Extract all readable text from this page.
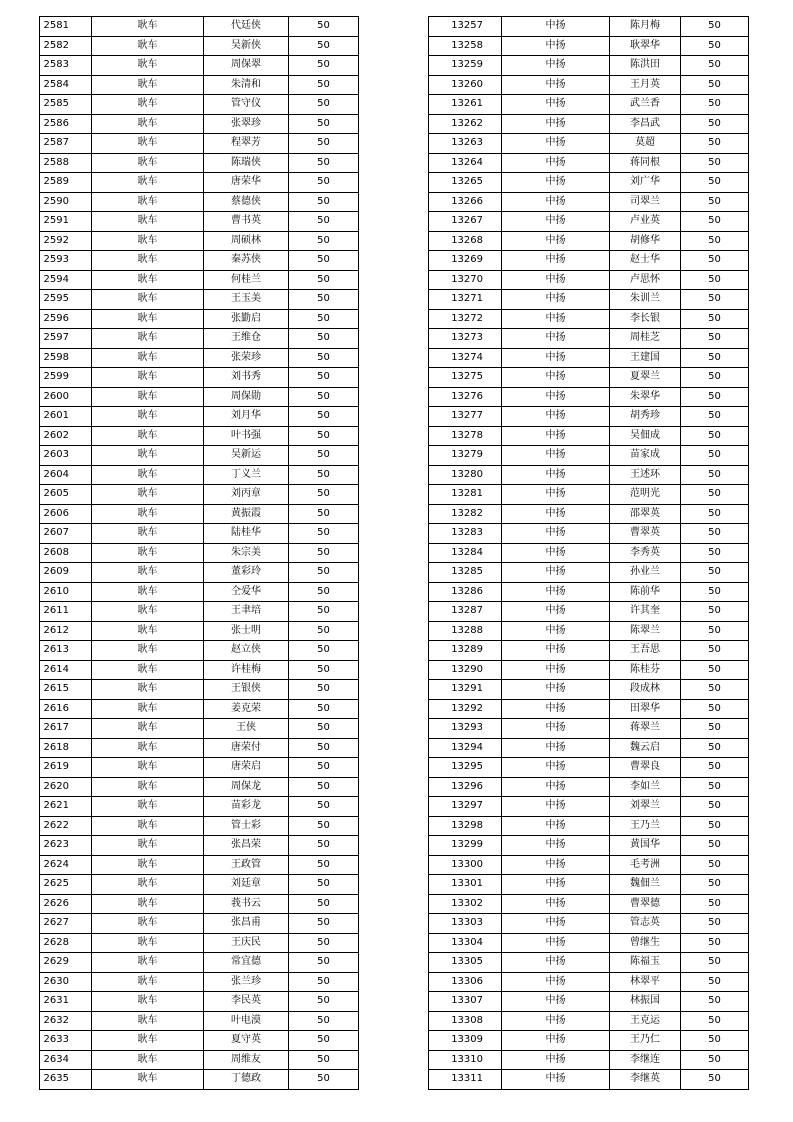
2581	耿车	代廷侠	50
2582	耿车	吴新侠	50
2583	耿车	周保翠	50
2584	耿车	朱清和	50
2585	耿车	管守仪	50
2586	耿车	张翠珍	50
2587	耿车	程翠芳	50
2588	耿车	陈瑞侠	50
2589	耿车	唐荣华	50
2590	耿车	蔡德侠	50
2591	耿车	曹书英	50
2592	耿车	周硕林	50
2593	耿车	秦苏侠	50
2594	耿车	何桂兰	50
2595	耿车	王玉美	50
2596	耿车	张勤启	50
2597	耿车	王维仓	50
2598	耿车	张荣珍	50
2599	耿车	刘书秀	50
2600	耿车	周保勋	50
2601	耿车	刘月华	50
2602	耿车	叶书强	50
2603	耿车	吴新运	50
2604	耿车	丁义兰	50
2605	耿车	刘丙章	50
2606	耿车	黄振霞	50
2607	耿车	陆桂华	50
2608	耿车	朱宗美	50
2609	耿车	董彩玲	50
2610	耿车	仝爱华	50
2611	耿车	王聿培	50
2612	耿车	张士明	50
2613	耿车	赵立侠	50
2614	耿车	许桂梅	50
2615	耿车	王银侠	50
2616	耿车	姜克荣	50
2617	耿车	王侠	50
2618	耿车	唐荣付	50
2619	耿车	唐荣启	50
2620	耿车	周保龙	50
2621	耿车	苗彩龙	50
2622	耿车	管士彩	50
2623	耿车	张昌荣	50
2624	耿车	王政管	50
2625	耿车	刘廷章	50
2626	耿车	莪书云	50
2627	耿车	张昌甫	50
2628	耿车	王庆民	50
2629	耿车	常宜德	50
2630	耿车	张兰珍	50
2631	耿车	李民英	50
2632	耿车	叶电漠	50
2633	耿车	夏守英	50
2634	耿车	周维友	50
2635	耿车	丁德政	50
13257	中扬	陈月梅	50
13258	中扬	耿翠华	50
13259	中扬	陈洪田	50
13260	中扬	王月英	50
13261	中扬	武兰香	50
13262	中扬	李昌武	50
13263	中扬	莫超	50
13264	中扬	蒋同根	50
13265	中扬	刘广华	50
13266	中扬	司翠兰	50
13267	中扬	卢业英	50
13268	中扬	胡修华	50
13269	中扬	赵士华	50
13270	中扬	卢思怀	50
13271	中扬	朱训兰	50
13272	中扬	李长银	50
13273	中扬	周桂芝	50
13274	中扬	王建国	50
13275	中扬	夏翠兰	50
13276	中扬	朱翠华	50
13277	中扬	胡秀珍	50
13278	中扬	吴佃成	50
13279	中扬	苗家成	50
13280	中扬	王述环	50
13281	中扬	范明光	50
13282	中扬	邵翠英	50
13283	中扬	曹翠英	50
13284	中扬	李秀英	50
13285	中扬	孙业兰	50
13286	中扬	陈前华	50
13287	中扬	许其奎	50
13288	中扬	陈翠兰	50
13289	中扬	王吾思	50
13290	中扬	陈桂芬	50
13291	中扬	段成林	50
13292	中扬	田翠华	50
13293	中扬	蒋翠兰	50
13294	中扬	魏云启	50
13295	中扬	曹翠良	50
13296	中扬	李如兰	50
13297	中扬	刘翠兰	50
13298	中扬	王乃兰	50
13299	中扬	黄国华	50
13300	中扬	毛考洲	50
13301	中扬	魏佃兰	50
13302	中扬	曹翠德	50
13303	中扬	管志英	50
13304	中扬	曾继生	50
13305	中扬	陈福玉	50
13306	中扬	林翠平	50
13307	中扬	林振国	50
13308	中扬	王克运	50
13309	中扬	王乃仁	50
13310	中扬	李继连	50
13311	中扬	李继英	50
